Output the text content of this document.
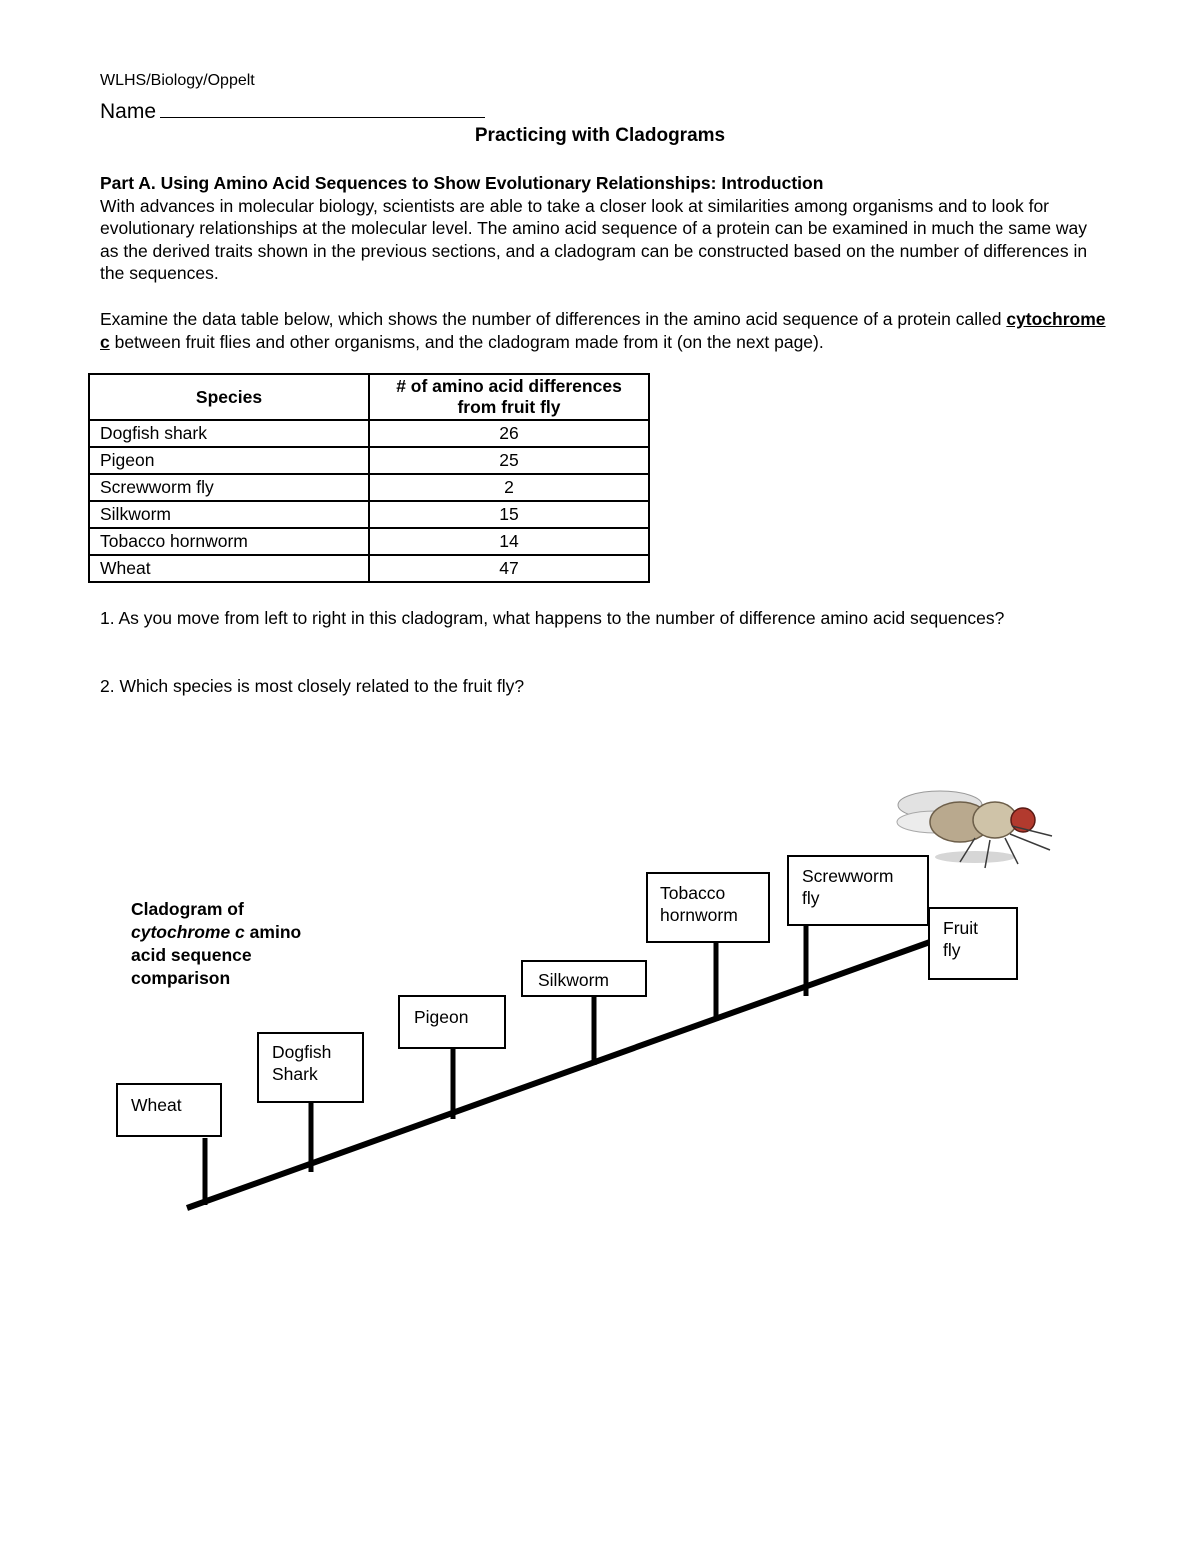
WLHS/Biology/Oppelt
Name
Practicing with Cladograms
Part A. Using Amino Acid Sequences to Show Evolutionary Relationships: Introduction
With advances in molecular biology, scientists are able to take a closer look at similarities among organisms and to look for evolutionary relationships at the molecular level. The amino acid sequence of a protein can be examined in much the same way as the derived traits shown in the previous sections, and a cladogram can be constructed based on the number of differences in the sequences.
Examine the data table below, which shows the number of differences in the amino acid sequence of a protein called cytochrome c between fruit flies and other organisms, and the cladogram made from it (on the next page).
Species	# of amino acid differences from fruit fly
Dogfish shark	26
Pigeon	25
Screwworm fly	2
Silkworm	15
Tobacco hornworm	14
Wheat	47
1. As you move from left to right in this cladogram, what happens to the number of difference amino acid sequences?
2. Which species is most closely related to the fruit fly?
Cladogram of
cytochrome c amino
acid sequence
comparison
Wheat
Dogfish
Shark
Pigeon
Silkworm
Tobacco
hornworm
Screwworm
fly
Fruit
fly
